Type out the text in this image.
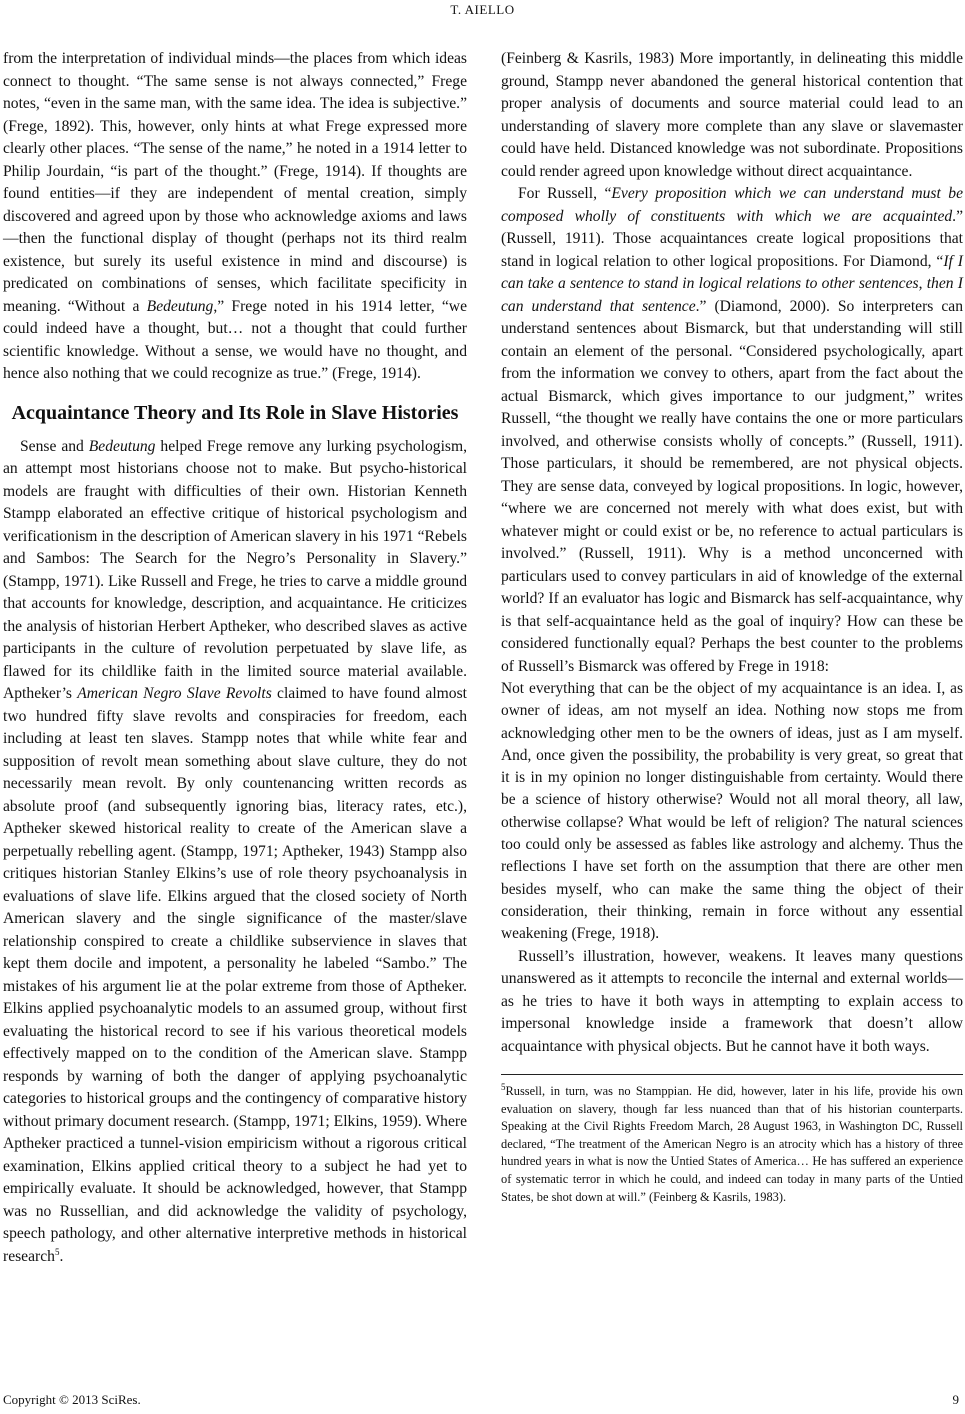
T. AIELLO

from the interpretation of individual minds—the places from which ideas connect to thought. “The same sense is not always connected,” Frege notes, “even in the same man, with the same idea. The idea is subjective.” (Frege, 1892). This, however, only hints at what Frege expressed more clearly other places. “The sense of the name,” he noted in a 1914 letter to Philip Jourdain, “is part of the thought.” (Frege, 1914). If thoughts are found entities—if they are independent of mental creation, simply discovered and agreed upon by those who acknowledge axioms and laws—then the functional display of thought (perhaps not its third realm existence, but surely its useful existence in mind and discourse) is predicated on combinations of senses, which facilitate specificity in meaning. “Without a Bedeutung,” Frege noted in his 1914 letter, “we could indeed have a thought, but… not a thought that could further scientific knowledge. Without a sense, we would have no thought, and hence also nothing that we could recognize as true.” (Frege, 1914).

Acquaintance Theory and Its Role in Slave Histories

Sense and Bedeutung helped Frege remove any lurking psychologism, an attempt most historians choose not to make. But psycho-historical models are fraught with difficulties of their own. Historian Kenneth Stampp elaborated an effective critique of historical psychologism and verificationism in the description of American slavery in his 1971 “Rebels and Sambos: The Search for the Negro’s Personality in Slavery.” (Stampp, 1971). Like Russell and Frege, he tries to carve a middle ground that accounts for knowledge, description, and acquaintance. He criticizes the analysis of historian Herbert Aptheker, who described slaves as active participants in the culture of revolution perpetuated by slave life, as flawed for its childlike faith in the limited source material available. Aptheker’s American Negro Slave Revolts claimed to have found almost two hundred fifty slave revolts and conspiracies for freedom, each including at least ten slaves. Stampp notes that while white fear and supposition of revolt mean something about slave culture, they do not necessarily mean revolt. By only countenancing written records as absolute proof (and subsequently ignoring bias, literacy rates, etc.), Aptheker skewed historical reality to create of the American slave a perpetually rebelling agent. (Stampp, 1971; Aptheker, 1943) Stampp also critiques historian Stanley Elkins’s use of role theory psychoanalysis in evaluations of slave life. Elkins argued that the closed society of North American slavery and the single significance of the master/slave relationship conspired to create a childlike subservience in slaves that kept them docile and impotent, a personality he labeled “Sambo.” The mistakes of his argument lie at the polar extreme from those of Aptheker. Elkins applied psychoanalytic models to an assumed group, without first evaluating the historical record to see if his various theoretical models effectively mapped on to the condition of the American slave. Stampp responds by warning of both the danger of applying psychoanalytic categories to historical groups and the contingency of comparative history without primary document research. (Stampp, 1971; Elkins, 1959). Where Aptheker practiced a tunnel-vision empiricism without a rigorous critical examination, Elkins applied critical theory to a subject he had yet to empirically evaluate. It should be acknowledged, however, that Stampp was no Russellian, and did acknowledge the validity of psychology, speech pathology, and other alternative interpretive methods in historical research$^5$.

(Feinberg & Kasrils, 1983) More importantly, in delineating this middle ground, Stampp never abandoned the general historical contention that proper analysis of documents and source material could lead to an understanding of slavery more complete than any slave or slavemaster could have held. Distanced knowledge was not subordinate. Propositions could render agreed upon knowledge without direct acquaintance.

For Russell, “Every proposition which we can understand must be composed wholly of constituents with which we are acquainted.” (Russell, 1911). Those acquaintances create logical propositions that stand in logical relation to other logical propositions. For Diamond, “If I can take a sentence to stand in logical relations to other sentences, then I can understand that sentence.” (Diamond, 2000). So interpreters can understand sentences about Bismarck, but that understanding will still contain an element of the personal. “Considered psychologically, apart from the information we convey to others, apart from the fact about the actual Bismarck, which gives importance to our judgment,” writes Russell, “the thought we really have contains the one or more particulars involved, and otherwise consists wholly of concepts.” (Russell, 1911). Those particulars, it should be remembered, are not physical objects. They are sense data, conveyed by logical propositions. In logic, however, “where we are concerned not merely with what does exist, but with whatever might or could exist or be, no reference to actual particulars is involved.” (Russell, 1911). Why is a method unconcerned with particulars used to convey particulars in aid of knowledge of the external world? If an evaluator has logic and Bismarck has self-acquaintance, why is that self-acquaintance held as the goal of inquiry? How can these be considered functionally equal? Perhaps the best counter to the problems of Russell’s Bismarck was offered by Frege in 1918:

Not everything that can be the object of my acquaintance is an idea. I, as owner of ideas, am not myself an idea. Nothing now stops me from acknowledging other men to be the owners of ideas, just as I am myself. And, once given the possibility, the probability is very great, so great that it is in my opinion no longer distinguishable from certainty. Would there be a science of history otherwise? Would not all moral theory, all law, otherwise collapse? What would be left of religion? The natural sciences too could only be assessed as fables like astrology and alchemy. Thus the reflections I have set forth on the assumption that there are other men besides myself, who can make the same thing the object of their consideration, their thinking, remain in force without any essential weakening (Frege, 1918).

Russell’s illustration, however, weakens. It leaves many questions unanswered as it attempts to reconcile the internal and external worlds—as he tries to have it both ways in attempting to explain access to impersonal knowledge inside a framework that doesn’t allow acquaintance with physical objects. But he cannot have it both ways.

$^5$Russell, in turn, was no Stamppian. He did, however, later in his life, provide his own evaluation on slavery, though far less nuanced than that of his historian counterparts. Speaking at the Civil Rights Freedom March, 28 August 1963, in Washington DC, Russell declared, “The treatment of the American Negro is an atrocity which has a history of three hundred years in what is now the Untied States of America… He has suffered an experience of systematic terror in which he could, and indeed can today in many parts of the Untied States, be shot down at will.” (Feinberg & Kasrils, 1983).

Copyright © 2013 SciRes.	9
